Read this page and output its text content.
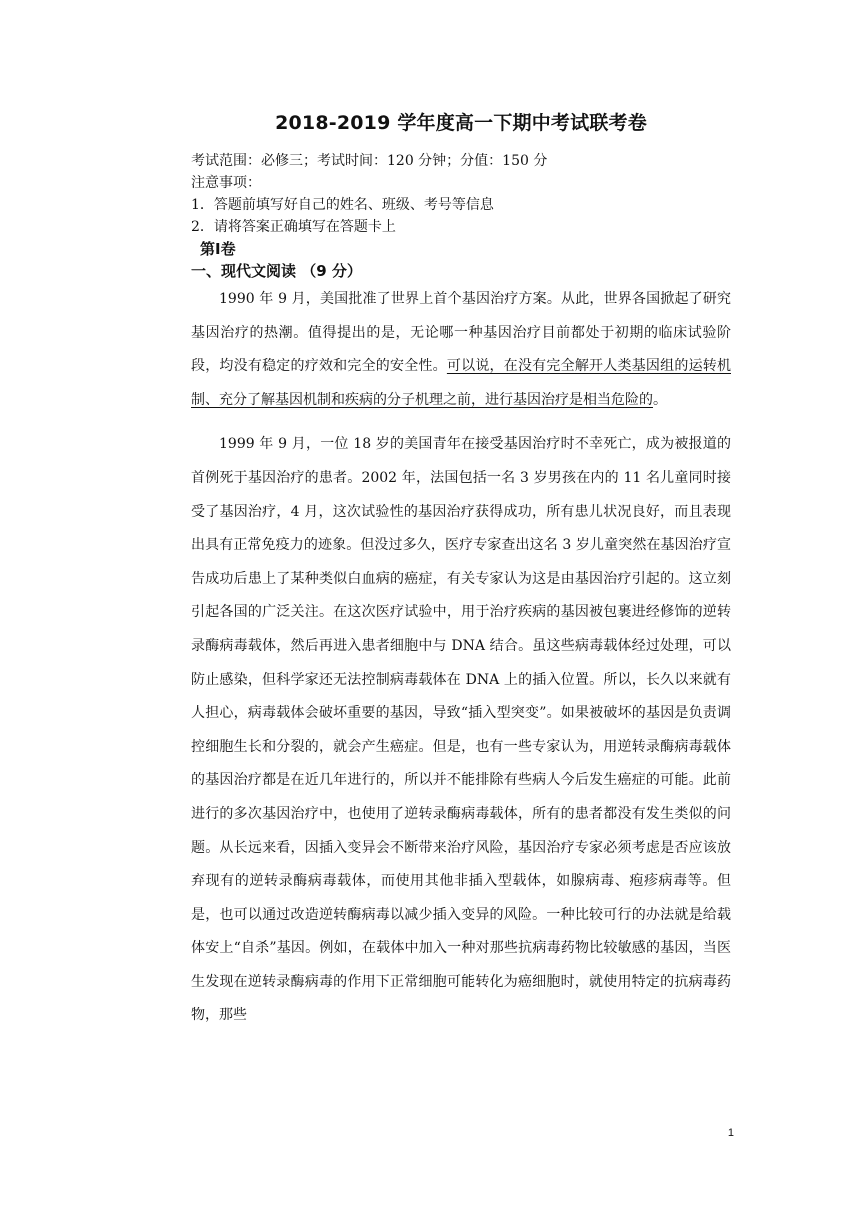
2018-2019 学年度高一下期中考试联考卷

考试范围：必修三；考试时间：120 分钟；分值：150 分

注意事项：

1．答题前填写好自己的姓名、班级、考号等信息

2．请将答案正确填写在答题卡上

第Ⅰ卷

一、现代文阅读 （9 分）

1990 年 9 月，美国批准了世界上首个基因治疗方案。从此，世界各国掀起了研究基因治疗的热潮。值得提出的是，无论哪一种基因治疗目前都处于初期的临床试验阶段，均没有稳定的疗效和完全的安全性。可以说，在没有完全解开人类基因组的运转机制、充分了解基因机制和疾病的分子机理之前，进行基因治疗是相当危险的。

1999 年 9 月，一位 18 岁的美国青年在接受基因治疗时不幸死亡，成为被报道的首例死于基因治疗的患者。2002 年，法国包括一名 3 岁男孩在内的 11 名儿童同时接受了基因治疗，4 月，这次试验性的基因治疗获得成功，所有患儿状况良好，而且表现出具有正常免疫力的迹象。但没过多久，医疗专家查出这名 3 岁儿童突然在基因治疗宣告成功后患上了某种类似白血病的癌症，有关专家认为这是由基因治疗引起的。这立刻引起各国的广泛关注。在这次医疗试验中，用于治疗疾病的基因被包裹进经修饰的逆转录酶病毒载体，然后再进入患者细胞中与 DNA 结合。虽这些病毒载体经过处理，可以防止感染，但科学家还无法控制病毒载体在 DNA 上的插入位置。所以，长久以来就有人担心，病毒载体会破坏重要的基因，导致“插入型突变”。如果被破坏的基因是负责调控细胞生长和分裂的，就会产生癌症。但是，也有一些专家认为，用逆转录酶病毒载体的基因治疗都是在近几年进行的，所以并不能排除有些病人今后发生癌症的可能。此前进行的多次基因治疗中，也使用了逆转录酶病毒载体，所有的患者都没有发生类似的问题。从长远来看，因插入变异会不断带来治疗风险，基因治疗专家必须考虑是否应该放弃现有的逆转录酶病毒载体，而使用其他非插入型载体，如腺病毒、疱疹病毒等。但是，也可以通过改造逆转酶病毒以减少插入变异的风险。一种比较可行的办法就是给载体安上“自杀”基因。例如，在载体中加入一种对那些抗病毒药物比较敏感的基因，当医生发现在逆转录酶病毒的作用下正常细胞可能转化为癌细胞时，就使用特定的抗病毒药物，那些

1
